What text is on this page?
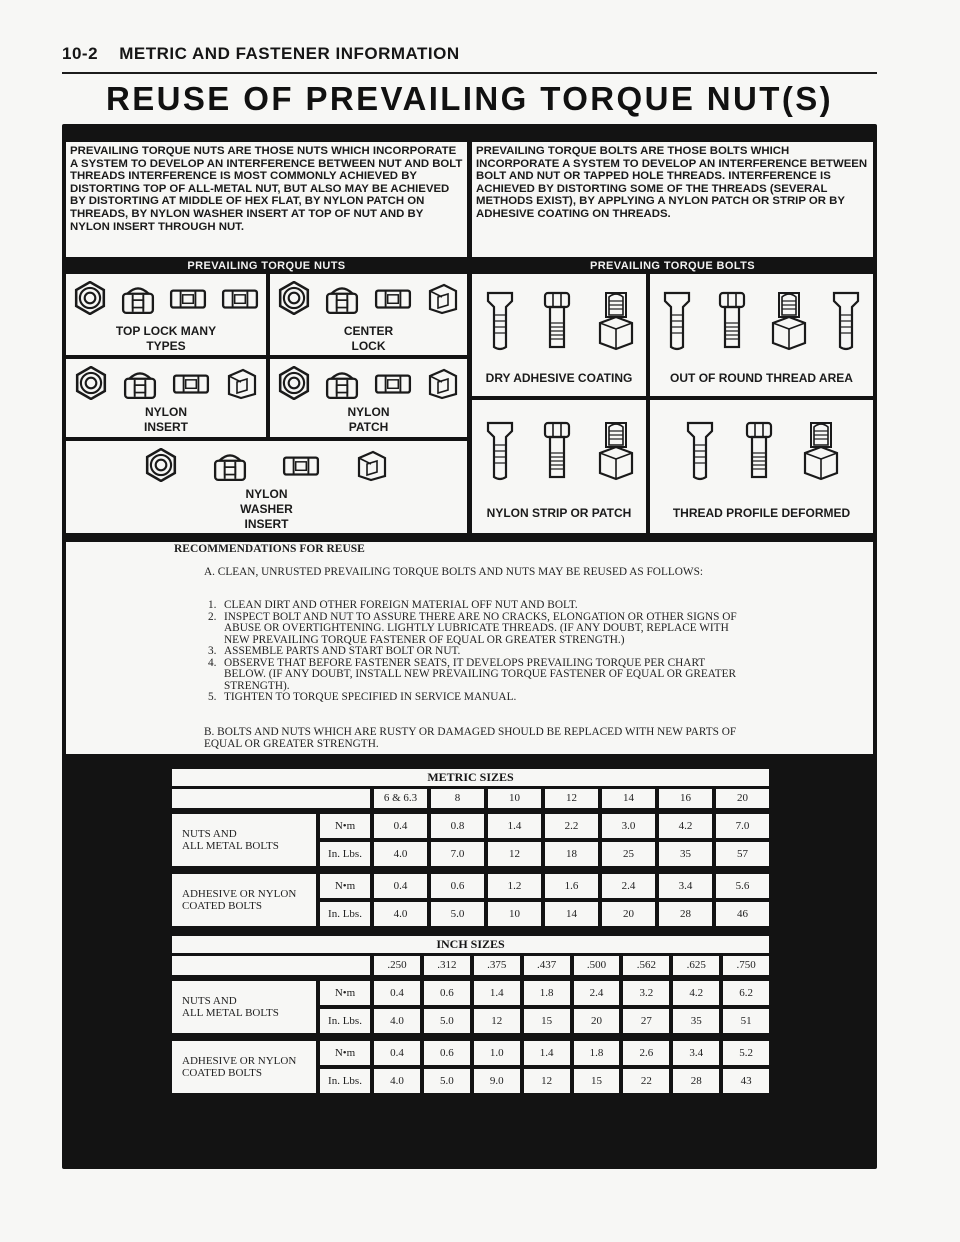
10-2 METRIC AND FASTENER INFORMATION
REUSE OF PREVAILING TORQUE NUT(S)
PREVAILING TORQUE NUTS ARE THOSE NUTS WHICH INCORPORATE A SYSTEM TO DEVELOP AN INTERFERENCE BETWEEN NUT AND BOLT THREADS INTERFERENCE IS MOST COMMONLY ACHIEVED BY DISTORTING TOP OF ALL-METAL NUT, BUT ALSO MAY BE ACHIEVED BY DISTORTING AT MIDDLE OF HEX FLAT, BY NYLON PATCH ON THREADS, BY NYLON WASHER INSERT AT TOP OF NUT AND BY NYLON INSERT THROUGH NUT.
PREVAILING TORQUE BOLTS ARE THOSE BOLTS WHICH INCORPORATE A SYSTEM TO DEVELOP AN INTERFERENCE BETWEEN BOLT AND NUT OR TAPPED HOLE THREADS. INTERFERENCE IS ACHIEVED BY DISTORTING SOME OF THE THREADS (SEVERAL METHODS EXIST), BY APPLYING A NYLON PATCH OR STRIP OR BY ADHESIVE COATING ON THREADS.
PREVAILING TORQUE NUTS	PREVAILING TORQUE BOLTS
TOP LOCK MANY
TYPES
CENTER
LOCK
NYLON
INSERT
NYLON
PATCH
NYLON
WASHER
INSERT
DRY ADHESIVE COATING	OUT OF ROUND THREAD AREA
NYLON STRIP OR PATCH	THREAD PROFILE DEFORMED
RECOMMENDATIONS FOR REUSE
A. CLEAN, UNRUSTED PREVAILING TORQUE BOLTS AND NUTS MAY BE REUSED AS FOLLOWS:
1. CLEAN DIRT AND OTHER FOREIGN MATERIAL OFF NUT AND BOLT.
2. INSPECT BOLT AND NUT TO ASSURE THERE ARE NO CRACKS, ELONGATION OR OTHER SIGNS OF ABUSE OR OVERTIGHTENING. LIGHTLY LUBRICATE THREADS. (IF ANY DOUBT, REPLACE WITH NEW PREVAILING TORQUE FASTENER OF EQUAL OR GREATER STRENGTH.)
3. ASSEMBLE PARTS AND START BOLT OR NUT.
4. OBSERVE THAT BEFORE FASTENER SEATS, IT DEVELOPS PREVAILING TORQUE PER CHART BELOW. (IF ANY DOUBT, INSTALL NEW PREVAILING TORQUE FASTENER OF EQUAL OR GREATER STRENGTH).
5. TIGHTEN TO TORQUE SPECIFIED IN SERVICE MANUAL.
B. BOLTS AND NUTS WHICH ARE RUSTY OR DAMAGED SHOULD BE REPLACED WITH NEW PARTS OF EQUAL OR GREATER STRENGTH.
METRIC SIZES
6 & 6.3	8	10	12	14	16	20
NUTS AND
ALL METAL BOLTS
N•m	0.4	0.8	1.4	2.2	3.0	4.2	7.0
In. Lbs.	4.0	7.0	12	18	25	35	57
ADHESIVE OR NYLON
COATED BOLTS
N•m	0.4	0.6	1.2	1.6	2.4	3.4	5.6
In. Lbs.	4.0	5.0	10	14	20	28	46
INCH SIZES
.250	.312	.375	.437	.500	.562	.625	.750
NUTS AND
ALL METAL BOLTS
N•m	0.4	0.6	1.4	1.8	2.4	3.2	4.2	6.2
In. Lbs.	4.0	5.0	12	15	20	27	35	51
ADHESIVE OR NYLON
COATED BOLTS
N•m	0.4	0.6	1.0	1.4	1.8	2.6	3.4	5.2
In. Lbs.	4.0	5.0	9.0	12	15	22	28	43
